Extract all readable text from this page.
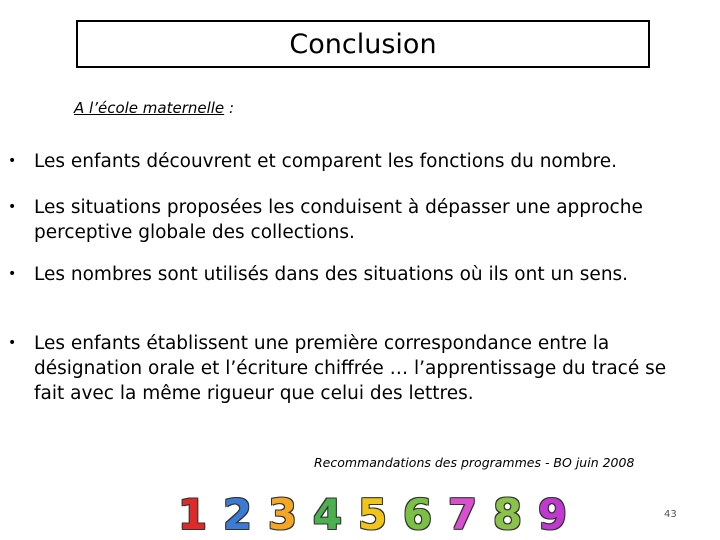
Conclusion
A l’école maternelle :
• Les enfants découvrent et comparent les fonctions du nombre.
• Les situations proposées les conduisent à dépasser une approche perceptive globale des collections.
• Les nombres sont utilisés dans des situations où ils ont un sens.
• Les enfants établissent une première correspondance entre la désignation orale et l’écriture chiffrée … l’apprentissage du tracé se fait avec la même rigueur que celui des lettres.
Recommandations des programmes - BO juin 2008
1 2 3 4 5 6 7 8 9	43
